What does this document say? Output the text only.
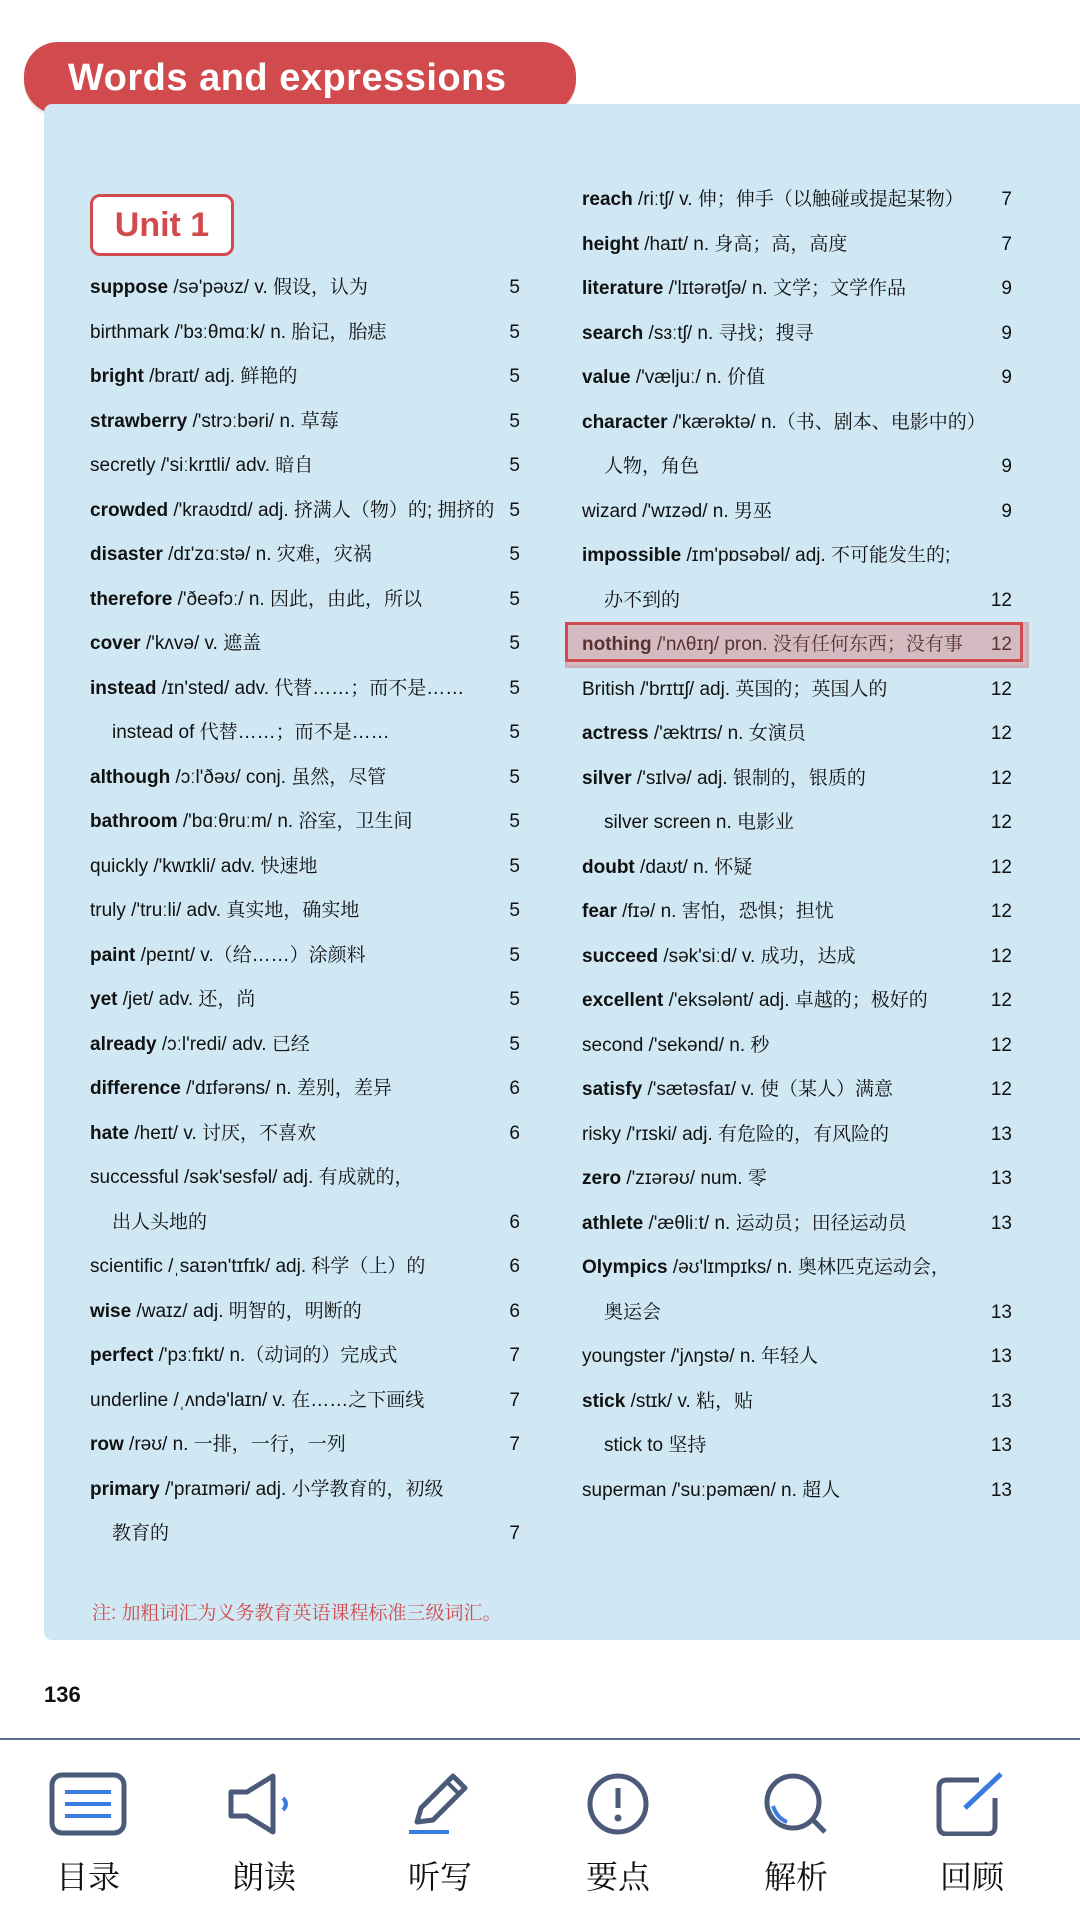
Words and expressions
Unit 1
suppose /sə'pəʊz/ v. 假设，认为	5
birthmark /'bɜːθmɑːk/ n. 胎记，胎痣	5
bright /braɪt/ adj. 鲜艳的	5
strawberry /'strɔːbəri/ n. 草莓	5
secretly /'siːkrɪtli/ adv. 暗自	5
crowded /'kraʊdɪd/ adj. 挤满人（物）的; 拥挤的 5
disaster /dɪ'zɑːstə/ n. 灾难，灾祸	5
therefore /'ðeəfɔː/ n. 因此，由此，所以	5
cover /'kʌvə/ v. 遮盖	5
instead /ɪn'sted/ adv. 代替……；而不是…… 5
instead of 代替……；而不是……	5
although /ɔːl'ðəʊ/ conj. 虽然，尽管	5
bathroom /'bɑːθruːm/ n. 浴室，卫生间	5
quickly /'kwɪkli/ adv. 快速地	5
truly /'truːli/ adv. 真实地，确实地	5
paint /peɪnt/ v.（给……）涂颜料	5
yet /jet/ adv. 还，尚	5
already /ɔːl'redi/ adv. 已经	5
difference /'dɪfərəns/ n. 差别，差异	6
hate /heɪt/ v. 讨厌，不喜欢	6
successful /sək'sesfəl/ adj. 有成就的，
出人头地的	6
scientific /ˌsaɪən'tɪfɪk/ adj. 科学（上）的	6
wise /waɪz/ adj. 明智的，明断的	6
perfect /'pɜːfɪkt/ n.（动词的）完成式	7
underline /ˌʌndə'laɪn/ v. 在……之下画线	7
row /rəʊ/ n. 一排，一行，一列	7
primary /'praɪməri/ adj. 小学教育的，初级
教育的	7
reach /riːtʃ/ v. 伸；伸手（以触碰或提起某物） 7
height /haɪt/ n. 身高；高，高度	7
literature /'lɪtərətʃə/ n. 文学；文学作品	9
search /sɜːtʃ/ n. 寻找；搜寻	9
value /'væljuː/ n. 价值	9
character /'kærəktə/ n.（书、剧本、电影中的）
人物，角色	9
wizard /'wɪzəd/ n. 男巫	9
impossible /ɪm'pɒsəbəl/ adj. 不可能发生的;
办不到的	12
nothing /'nʌθɪŋ/ pron. 没有任何东西；没有事 12
British /'brɪtɪʃ/ adj. 英国的；英国人的	12
actress /'æktrɪs/ n. 女演员	12
silver /'sɪlvə/ adj. 银制的，银质的	12
silver screen n. 电影业	12
doubt /daʊt/ n. 怀疑	12
fear /fɪə/ n. 害怕，恐惧；担忧	12
succeed /sək'siːd/ v. 成功，达成	12
excellent /'eksələnt/ adj. 卓越的；极好的	12
second /'sekənd/ n. 秒	12
satisfy /'sætəsfaɪ/ v. 使（某人）满意	12
risky /'rɪski/ adj. 有危险的，有风险的	13
zero /'zɪərəʊ/ num. 零	13
athlete /'æθliːt/ n. 运动员；田径运动员	13
Olympics /əʊ'lɪmpɪks/ n. 奥林匹克运动会，
奥运会	13
youngster /'jʌŋstə/ n. 年轻人	13
stick /stɪk/ v. 粘，贴	13
stick to 坚持	13
superman /'suːpəmæn/ n. 超人	13
注: 加粗词汇为义务教育英语课程标准三级词汇。
136
目录	朗读	听写	要点	解析	回顾
